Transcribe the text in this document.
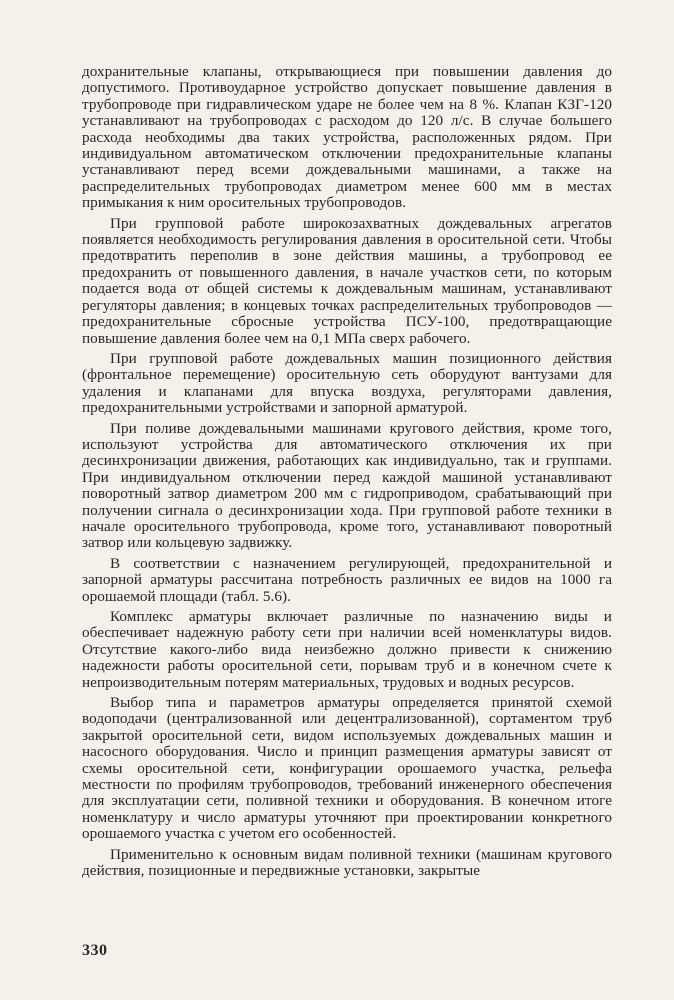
дохранительные клапаны, открывающиеся при повышении давления до допустимого. Противоударное устройство допускает повышение давления в трубопроводе при гидравлическом ударе не более чем на 8 %. Клапан КЗГ-120 устанавливают на трубопроводах с расходом до 120 л/с. В случае большего расхода необходимы два таких устройства, расположенных рядом. При индивидуальном автоматическом отключении предохранительные клапаны устанавливают перед всеми дождевальными машинами, а также на распределительных трубопроводах диаметром менее 600 мм в местах примыкания к ним оросительных трубопроводов.

При групповой работе широкозахватных дождевальных агрегатов появляется необходимость регулирования давления в оросительной сети. Чтобы предотвратить переполив в зоне действия машины, а трубопровод ее предохранить от повышенного давления, в начале участков сети, по которым подается вода от общей системы к дождевальным машинам, устанавливают регуляторы давления; в концевых точках распределительных трубопроводов — предохранительные сбросные устройства ПСУ-100, предотвращающие повышение давления более чем на 0,1 МПа сверх рабочего.

При групповой работе дождевальных машин позиционного действия (фронтальное перемещение) оросительную сеть оборудуют вантузами для удаления и клапанами для впуска воздуха, регуляторами давления, предохранительными устройствами и запорной арматурой.

При поливе дождевальными машинами кругового действия, кроме того, используют устройства для автоматического отключения их при десинхронизации движения, работающих как индивидуально, так и группами. При индивидуальном отключении перед каждой машиной устанавливают поворотный затвор диаметром 200 мм с гидроприводом, срабатывающий при получении сигнала о десинхронизации хода. При групповой работе техники в начале оросительного трубопровода, кроме того, устанавливают поворотный затвор или кольцевую задвижку.

В соответствии с назначением регулирующей, предохранительной и запорной арматуры рассчитана потребность различных ее видов на 1000 га орошаемой площади (табл. 5.6).

Комплекс арматуры включает различные по назначению виды и обеспечивает надежную работу сети при наличии всей номенклатуры видов. Отсутствие какого-либо вида неизбежно должно привести к снижению надежности работы оросительной сети, порывам труб и в конечном счете к непроизводительным потерям материальных, трудовых и водных ресурсов.

Выбор типа и параметров арматуры определяется принятой схемой водоподачи (централизованной или децентрализованной), сортаментом труб закрытой оросительной сети, видом используемых дождевальных машин и насосного оборудования. Число и принцип размещения арматуры зависят от схемы оросительной сети, конфигурации орошаемого участка, рельефа местности по профилям трубопроводов, требований инженерного обеспечения для эксплуатации сети, поливной техники и оборудования. В конечном итоге номенклатуру и число арматуры уточняют при проектировании конкретного орошаемого участка с учетом его особенностей.

Применительно к основным видам поливной техники (машинам кругового действия, позиционные и передвижные установки, закрытые

330
